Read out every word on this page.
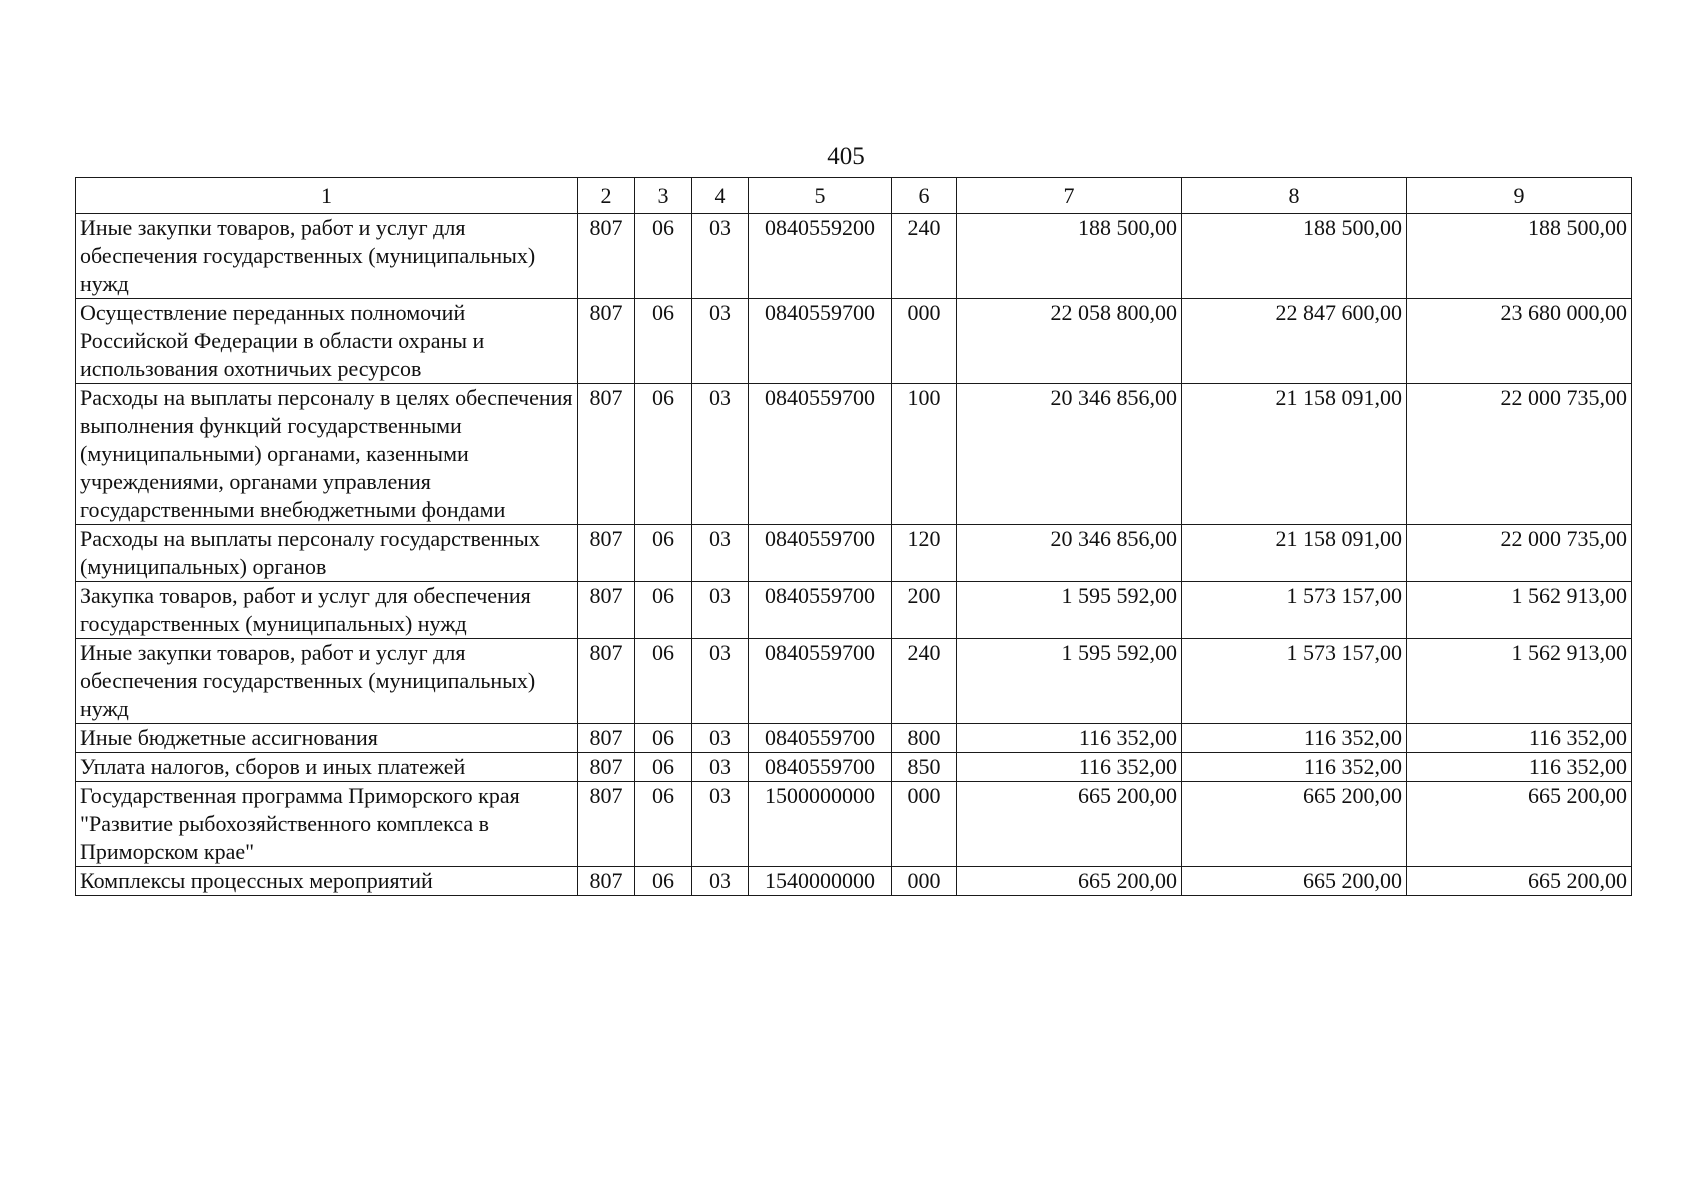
405
1	2	3	4	5	6	7	8	9
Иные закупки товаров, работ и услуг для обеспечения государственных (муниципальных) нужд	807	06	03	0840559200	240	188 500,00	188 500,00	188 500,00
Осуществление переданных полномочий Российской Федерации в области охраны и использования охотничьих ресурсов	807	06	03	0840559700	000	22 058 800,00	22 847 600,00	23 680 000,00
Расходы на выплаты персоналу в целях обеспечения выполнения функций государственными (муниципальными) органами, казенными учреждениями, органами управления государственными внебюджетными фондами	807	06	03	0840559700	100	20 346 856,00	21 158 091,00	22 000 735,00
Расходы на выплаты персоналу государственных (муниципальных) органов	807	06	03	0840559700	120	20 346 856,00	21 158 091,00	22 000 735,00
Закупка товаров, работ и услуг для обеспечения государственных (муниципальных) нужд	807	06	03	0840559700	200	1 595 592,00	1 573 157,00	1 562 913,00
Иные закупки товаров, работ и услуг для обеспечения государственных (муниципальных) нужд	807	06	03	0840559700	240	1 595 592,00	1 573 157,00	1 562 913,00
Иные бюджетные ассигнования	807	06	03	0840559700	800	116 352,00	116 352,00	116 352,00
Уплата налогов, сборов и иных платежей	807	06	03	0840559700	850	116 352,00	116 352,00	116 352,00
Государственная программа Приморского края "Развитие рыбохозяйственного комплекса в Приморском крае"	807	06	03	1500000000	000	665 200,00	665 200,00	665 200,00
Комплексы процессных мероприятий	807	06	03	1540000000	000	665 200,00	665 200,00	665 200,00
